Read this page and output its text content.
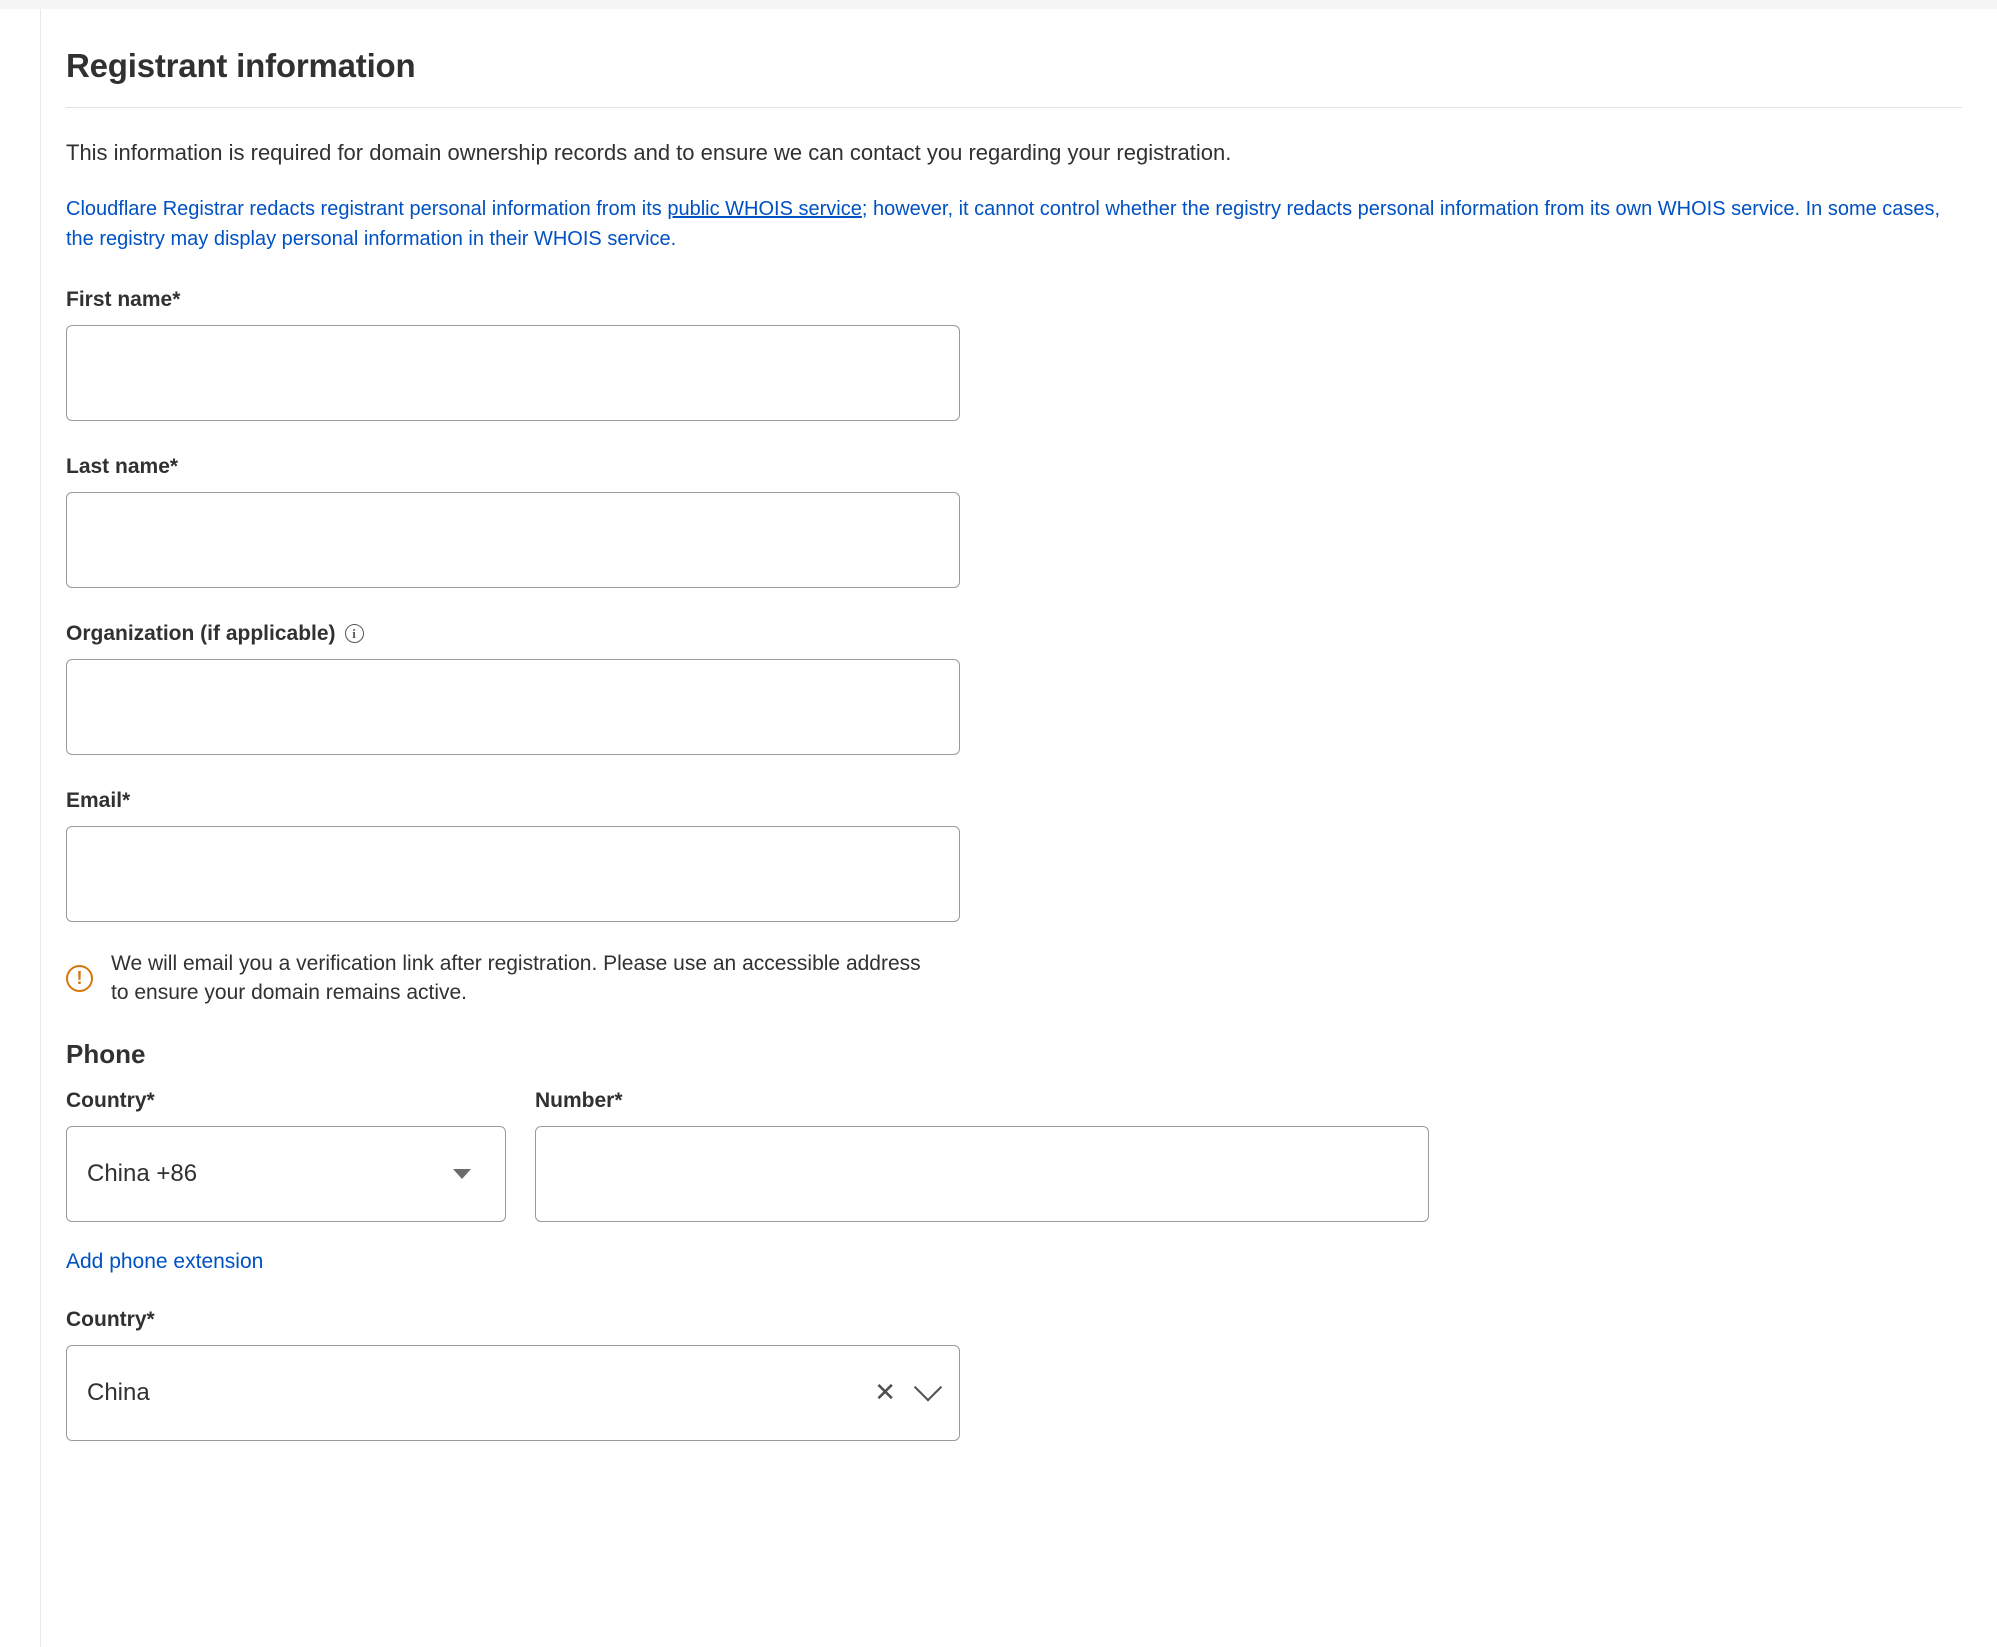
Registrant information

This information is required for domain ownership records and to ensure we can contact you regarding your registration.

Cloudflare Registrar redacts registrant personal information from its public WHOIS service; however, it cannot control whether the registry redacts personal information from its own WHOIS service. In some cases, the registry may display personal information in their WHOIS service.

First name*
Last name*
Organization (if applicable)	i
Email*
!
We will email you a verification link after registration. Please use an accessible address to ensure your domain remains active.
Phone
Country*
China +86
Number*
Add phone extension
Country*
China	✕
